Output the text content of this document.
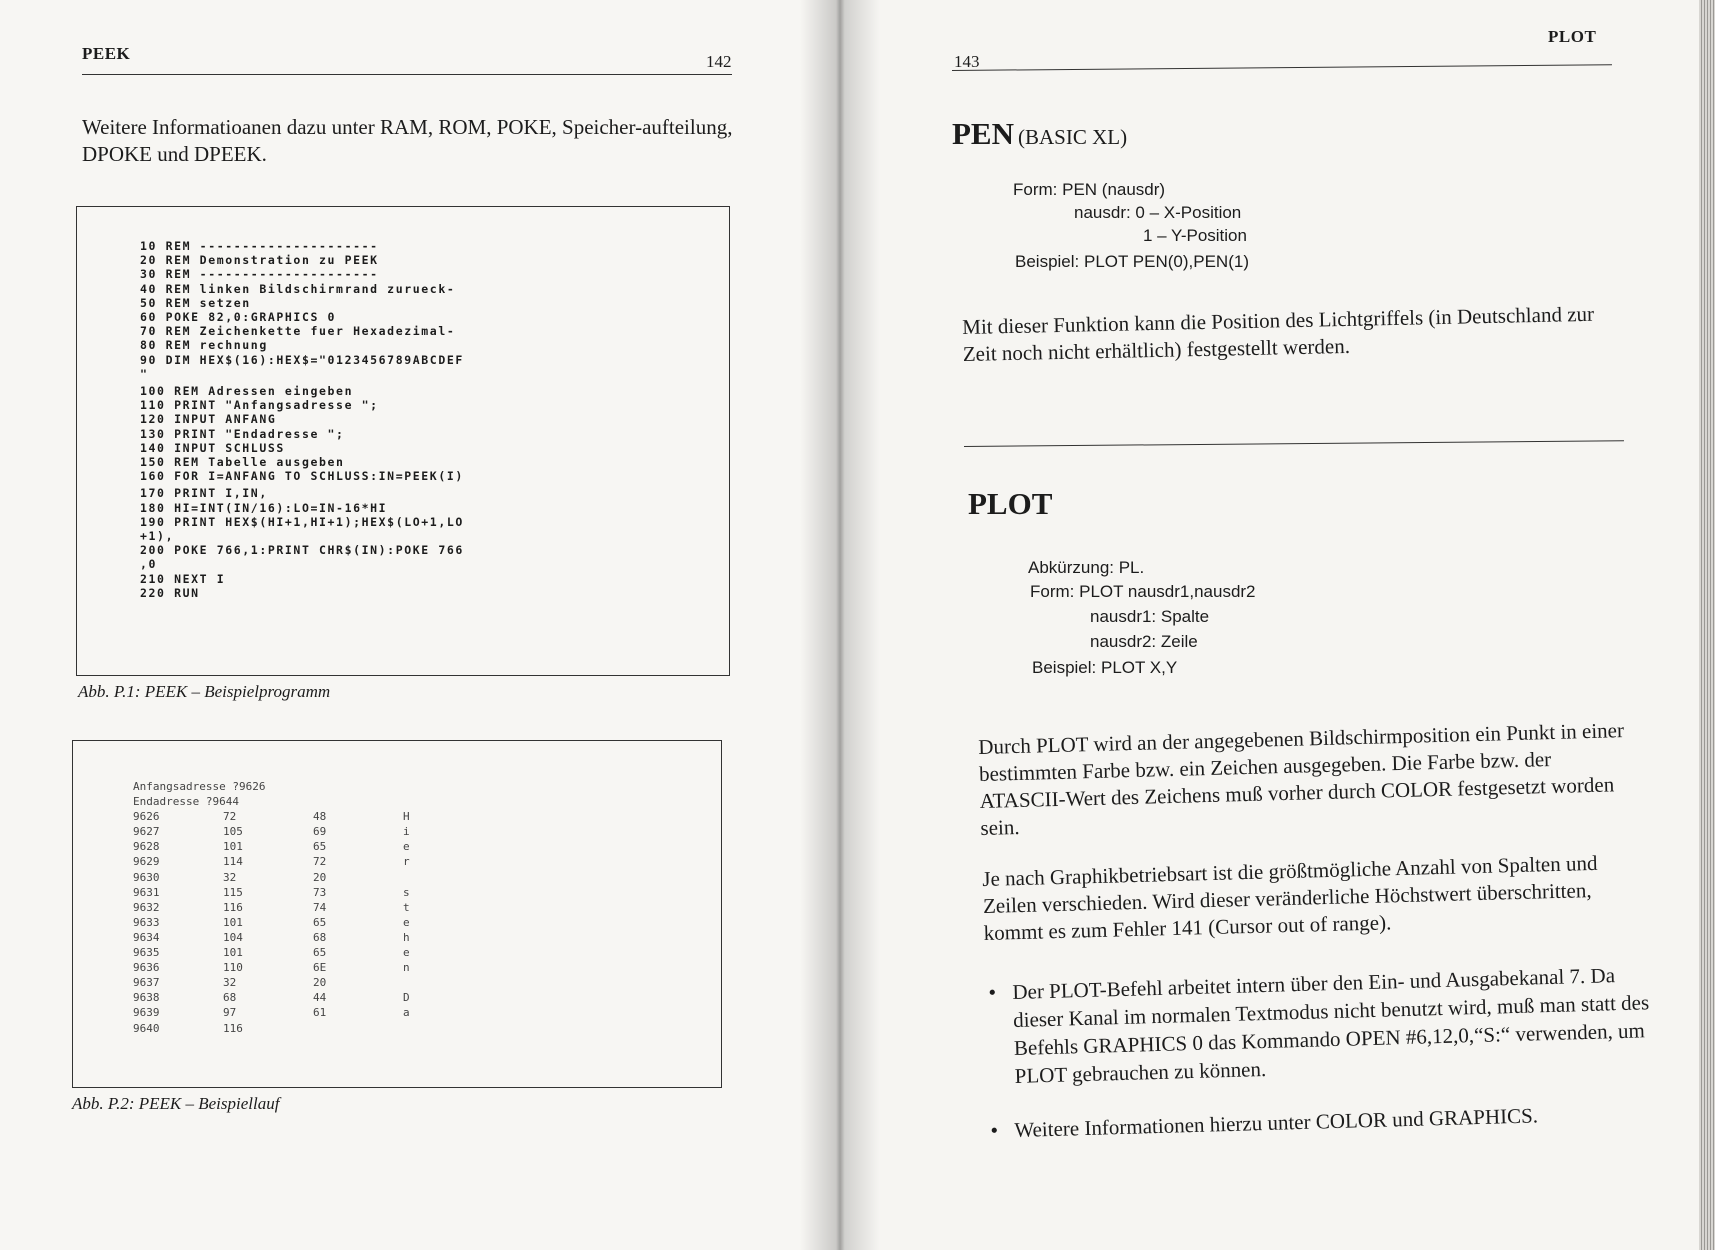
PEEK	142
Weitere Informatioanen dazu unter RAM, ROM, POKE, Speicher-aufteilung, DPOKE und DPEEK.
10 REM ---------------------
20 REM Demonstration zu PEEK
30 REM ---------------------
40 REM linken Bildschirmrand zurueck-
50 REM setzen
60 POKE 82,0:GRAPHICS 0
70 REM Zeichenkette fuer Hexadezimal-
80 REM rechnung
90 DIM HEX$(16):HEX$="0123456789ABCDEF
"
100 REM Adressen eingeben
110 PRINT "Anfangsadresse ";
120 INPUT ANFANG
130 PRINT "Endadresse ";
140 INPUT SCHLUSS
150 REM Tabelle ausgeben
160 FOR I=ANFANG TO SCHLUSS:IN=PEEK(I)
170 PRINT I,IN,
180 HI=INT(IN/16):LO=IN-16*HI
190 PRINT HEX$(HI+1,HI+1);HEX$(LO+1,LO
+1),
200 POKE 766,1:PRINT CHR$(IN):POKE 766
,0
210 NEXT I
220 RUN
Abb. P.1: PEEK – Beispielprogramm
Anfangsadresse ?9626
Endadresse ?9644
9626	72	48	H
9627	105	69	i
9628	101	65	e
9629	114	72	r
9630	32	20
9631	115	73	s
9632	116	74	t
9633	101	65	e
9634	104	68	h
9635	101	65	e
9636	110	6E	n
9637	32	20
9638	68	44	D
9639	97	61	a
9640	116
Abb. P.2: PEEK – Beispiellauf
143
PLOT
PEN (BASIC XL)
Form: PEN (nausdr)
nausdr: 0 – X-Position
1 – Y-Position
Beispiel: PLOT PEN(0),PEN(1)
Mit dieser Funktion kann die Position des Lichtgriffels (in Deutschland zur Zeit noch nicht erhältlich) festgestellt werden.
PLOT
Abkürzung: PL.
Form: PLOT nausdr1,nausdr2
nausdr1: Spalte
nausdr2: Zeile
Beispiel: PLOT X,Y
Durch PLOT wird an der angegebenen Bildschirmposition ein Punkt in einer bestimmten Farbe bzw. ein Zeichen ausgegeben. Die Farbe bzw. der ATASCII-Wert des Zeichens muß vorher durch COLOR festgesetzt worden sein.
Je nach Graphikbetriebsart ist die größtmögliche Anzahl von Spalten und Zeilen verschieden. Wird dieser veränderliche Höchstwert überschritten, kommt es zum Fehler 141 (Cursor out of range).
• Der PLOT-Befehl arbeitet intern über den Ein- und Ausgabekanal 7. Da dieser Kanal im normalen Textmodus nicht benutzt wird, muß man statt des Befehls GRAPHICS 0 das Kommando OPEN #6,12,0,“S:“ verwenden, um PLOT gebrauchen zu können.
• Weitere Informationen hierzu unter COLOR und GRAPHICS.
